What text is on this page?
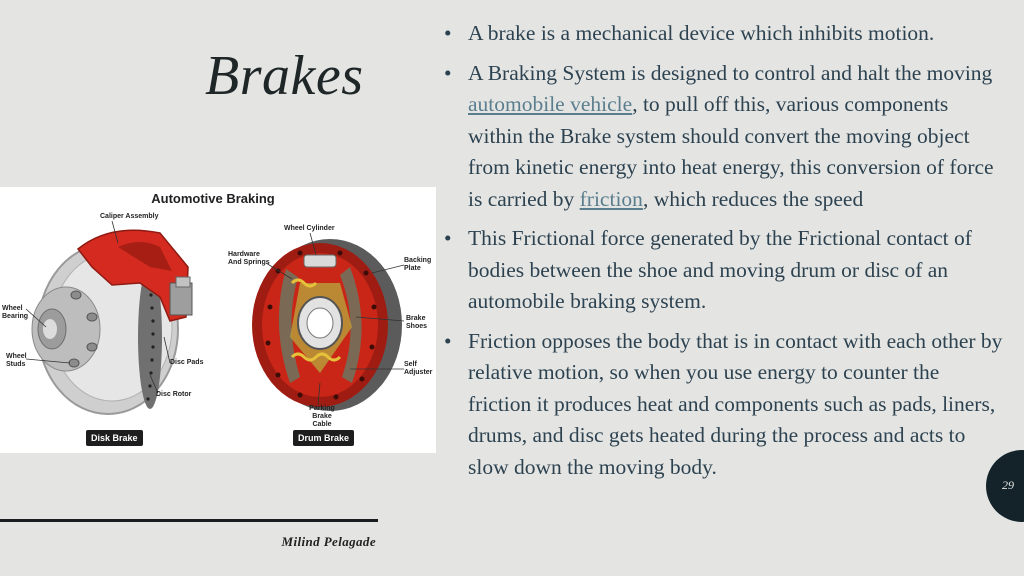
Brakes
Automotive Braking
Caliper Assembly
Wheel Bearing
Wheel Studs	Disc Pads
Disc Rotor
Wheel Cylinder
Hardware And Springs	Backing Plate
Brake Shoes
Self Adjuster
Parking Brake Cable
Disk Brake	Drum Brake
Milind Pelagade
• A brake is a mechanical device which inhibits motion.
• A Braking System is designed to control and halt the moving automobile vehicle, to pull off this, various components within the Brake system should convert the moving object from kinetic energy into heat energy, this conversion of force is carried by friction, which reduces the speed
• This Frictional force generated by the Frictional contact of bodies between the shoe and moving drum or disc of an automobile braking system.
• Friction opposes the body that is in contact with each other by relative motion, so when you use energy to counter the friction it produces heat and components such as pads, liners, drums, and disc gets heated during the process and acts to slow down the moving body.
29
